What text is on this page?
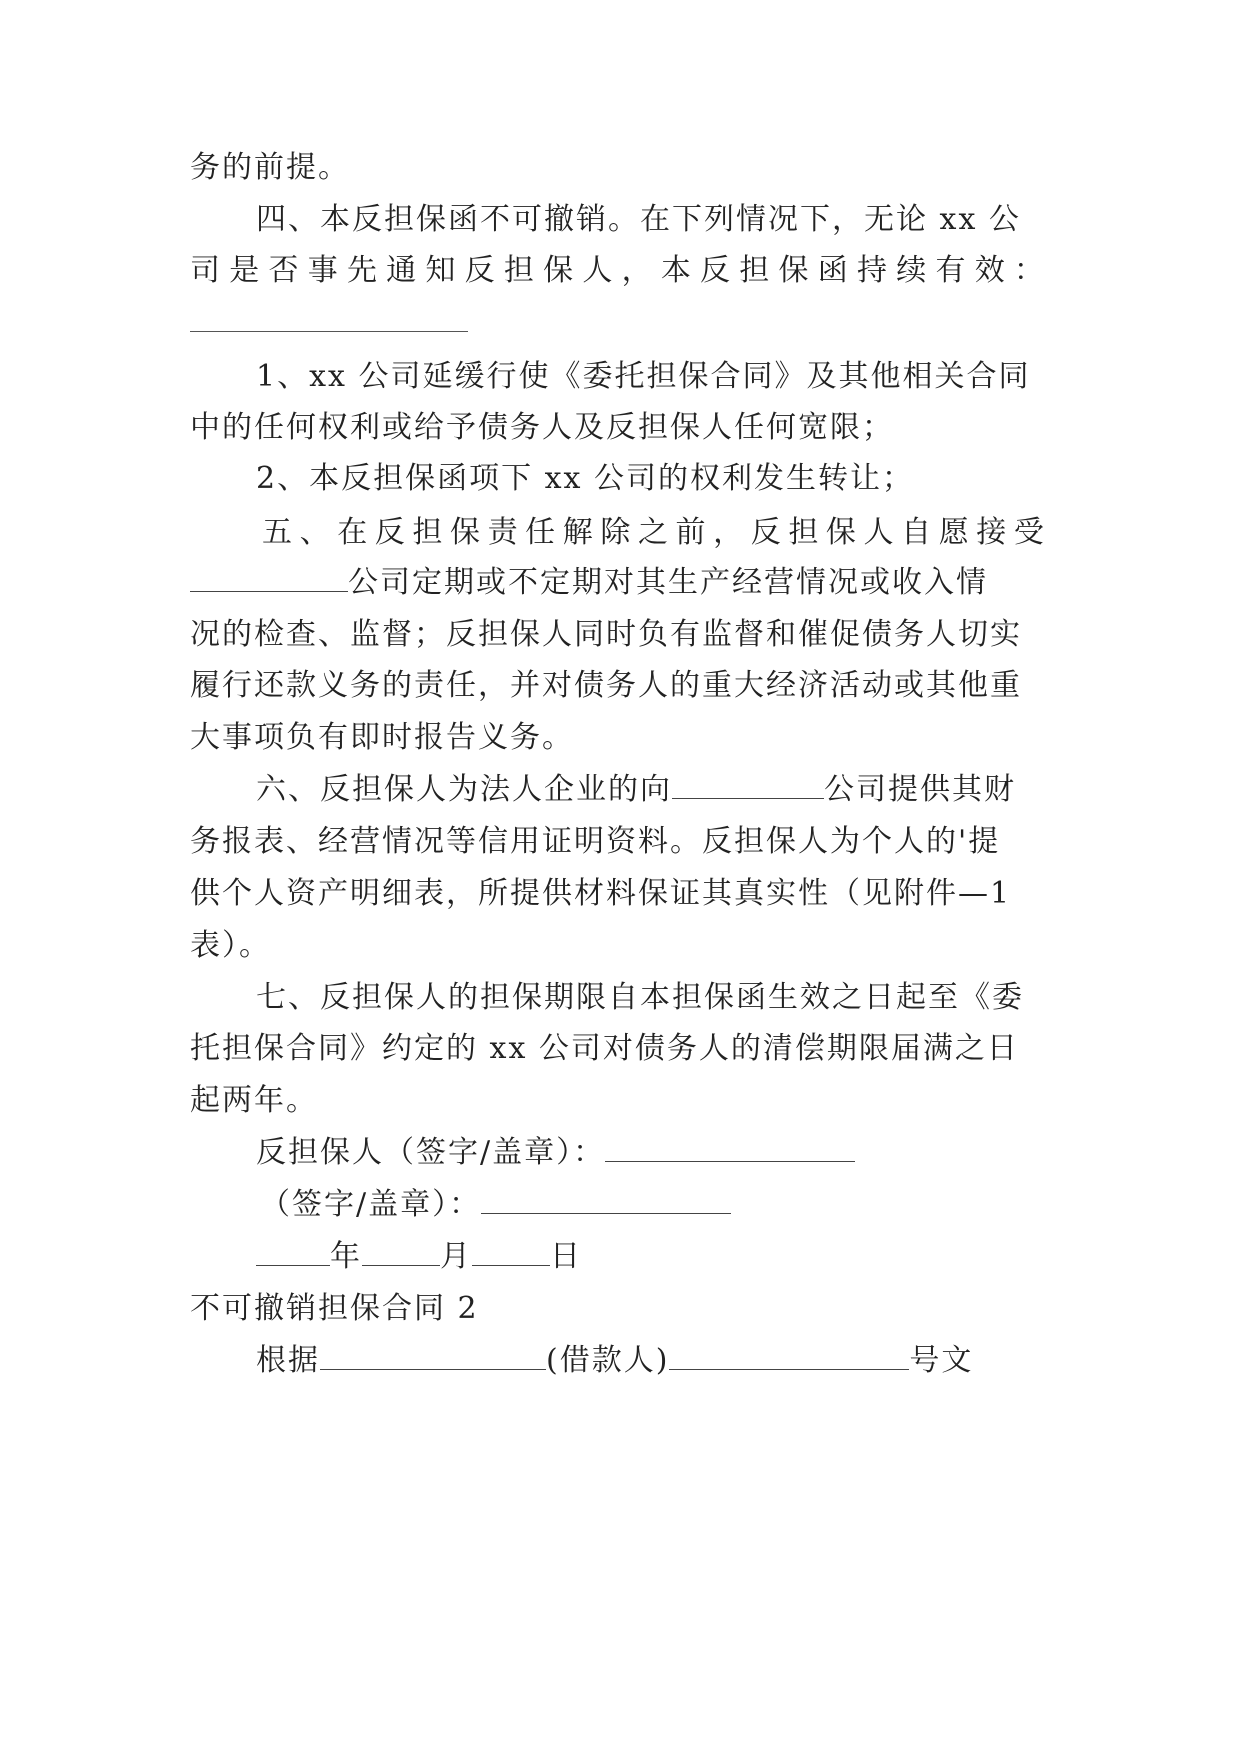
务的前提。
四、本反担保函不可撤销。在下列情况下，无论 xx 公
司 是 否 事 先 通 知 反 担 保 人 ， 本 反 担 保 函 持 续 有 效 ：
1、xx 公司延缓行使《委托担保合同》及其他相关合同
中的任何权利或给予债务人及反担保人任何宽限；
2、本反担保函项下 xx 公司的权利发生转让；
五 、 在 反 担 保 责 任 解 除 之 前 ， 反 担 保 人 自 愿 接 受
公司定期或不定期对其生产经营情况或收入情
况的检查、监督；反担保人同时负有监督和催促债务人切实
履行还款义务的责任，并对债务人的重大经济活动或其他重
大事项负有即时报告义务。
六、反担保人为法人企业的向	公司提供其财
务报表、经营情况等信用证明资料。反担保人为个人的'提
供个人资产明细表，所提供材料保证其真实性（见附件—1
表）。
七、反担保人的担保期限自本担保函生效之日起至《委
托担保合同》约定的 xx 公司对债务人的清偿期限届满之日
起两年。
反担保人（签字/盖章）：
（签字/盖章）：
年	月	日
不可撤销担保合同 2
根据	(借款人)	号文
